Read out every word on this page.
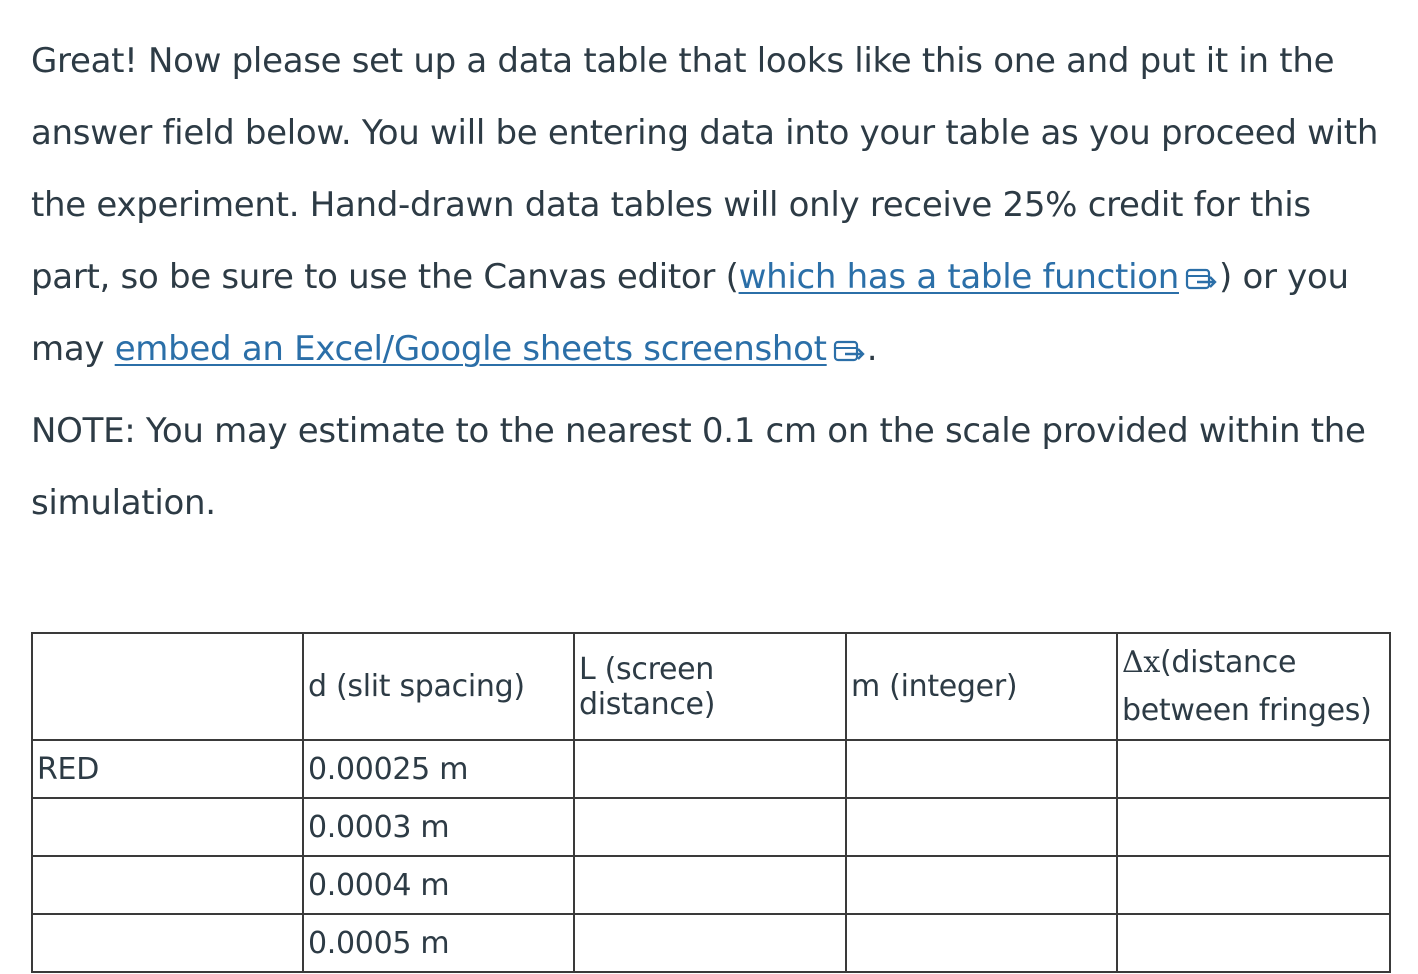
Great! Now please set up a data table that looks like this one and put it in the answer field below. You will be entering data into your table as you proceed with the experiment. Hand-drawn data tables will only receive 25% credit for this part, so be sure to use the Canvas editor (which has a table function ) or you may embed an Excel/Google sheets screenshot .

NOTE: You may estimate to the nearest 0.1 cm on the scale provided within the simulation.

	d (slit spacing)	L (screen distance)	m (integer)	Δx(distance between fringes)
RED	0.00025 m			
	0.0003 m			
	0.0004 m			
	0.0005 m			
